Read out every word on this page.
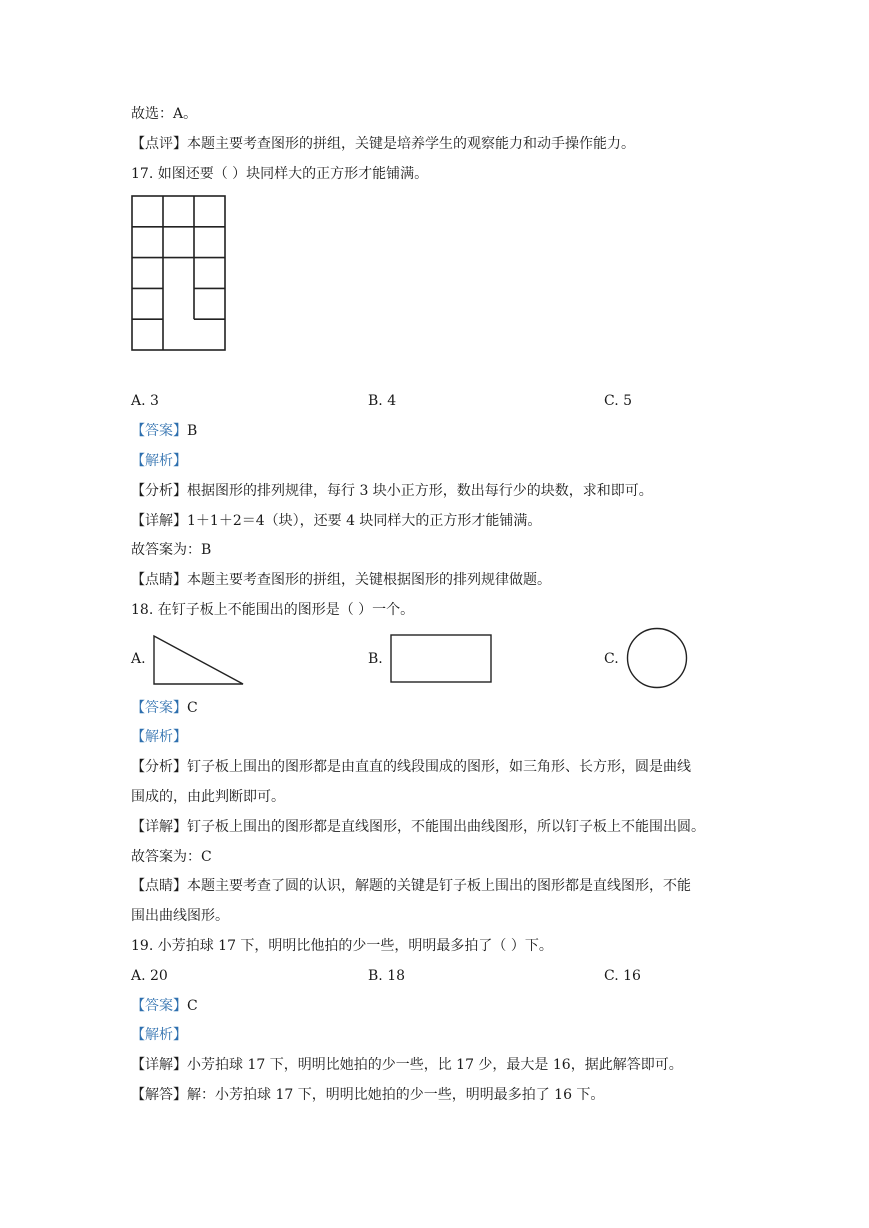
故选：A。
【点评】本题主要考查图形的拼组，关键是培养学生的观察能力和动手操作能力。
17. 如图还要（ ）块同样大的正方形才能铺满。
A. 3	B. 4	C. 5
【答案】B
【解析】
【分析】根据图形的排列规律，每行 3 块小正方形，数出每行少的块数，求和即可。
【详解】1＋1＋2＝4（块），还要 4 块同样大的正方形才能铺满。
故答案为：B
【点睛】本题主要考查图形的拼组，关键根据图形的排列规律做题。
18. 在钉子板上不能围出的图形是（ ）一个。
A.	B.	C.
【答案】C
【解析】
【分析】钉子板上围出的图形都是由直直的线段围成的图形，如三角形、长方形，圆是曲线
围成的，由此判断即可。
【详解】钉子板上围出的图形都是直线图形，不能围出曲线图形，所以钉子板上不能围出圆。
故答案为：C
【点睛】本题主要考查了圆的认识，解题的关键是钉子板上围出的图形都是直线图形，不能
围出曲线图形。
19. 小芳拍球 17 下，明明比他拍的少一些，明明最多拍了（ ）下。
A. 20	B. 18	C. 16
【答案】C
【解析】
【详解】小芳拍球 17 下，明明比她拍的少一些，比 17 少，最大是 16，据此解答即可。
【解答】解：小芳拍球 17 下，明明比她拍的少一些，明明最多拍了 16 下。
